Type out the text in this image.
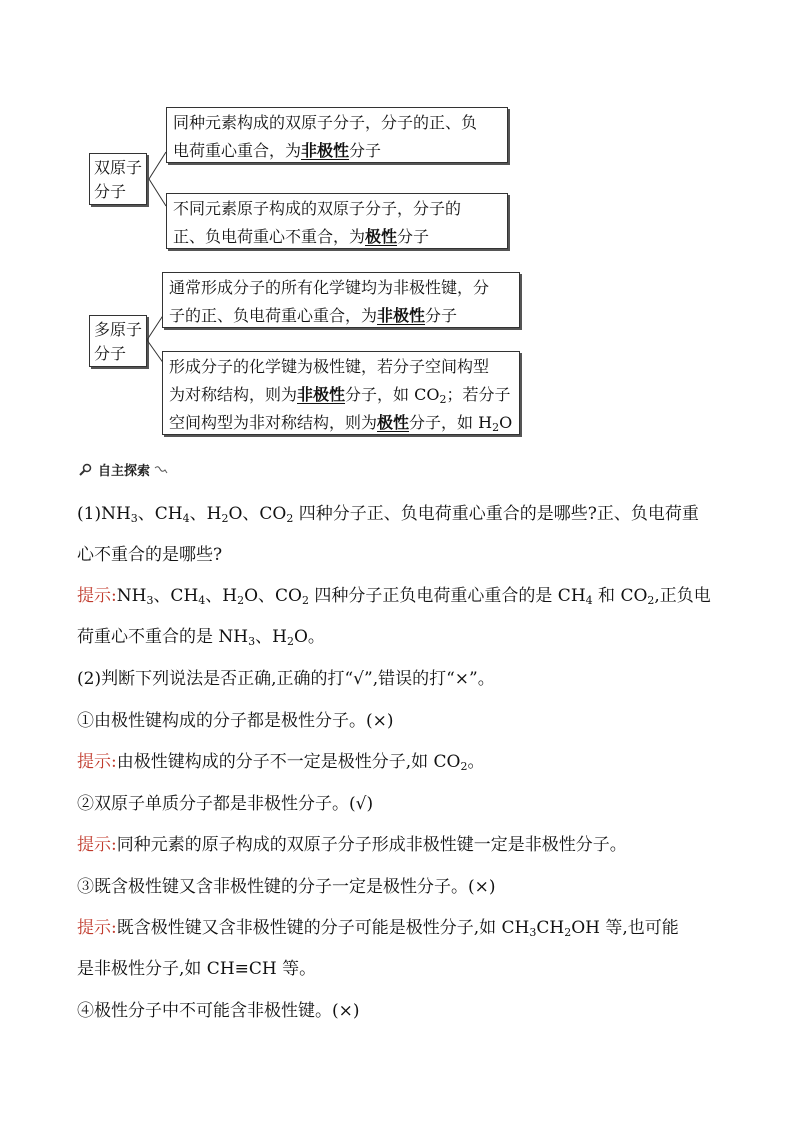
双原子
分子
同种元素构成的双原子分子，分子的正、负
电荷重心重合，为非极性分子
不同元素原子构成的双原子分子，分子的
正、负电荷重心不重合，为极性分子
多原子
分子
通常形成分子的所有化学键均为非极性键，分
子的正、负电荷重心重合，为非极性分子
形成分子的化学键为极性键，若分子空间构型
为对称结构，则为非极性分子，如 $CO_2$；若分子
空间构型为非对称结构，则为极性分子，如 $H_2O$
自主探索
$(1)NH_3$、$CH_4$、$H_2O$、$CO_2$ 四种分子正、负电荷重心重合的是哪些?正、负电荷重
心不重合的是哪些?
提示$:NH_3$、$CH_4$、$H_2O$、$CO_2$ 四种分子正负电荷重心重合的是 $CH_4$ 和 $CO_2$,正负电
荷重心不重合的是 $NH_3$、$H_2O$。
(2)判断下列说法是否正确,正确的打“√”,错误的打“×”。
①由极性键构成的分子都是极性分子。(×)
提示:由极性键构成的分子不一定是极性分子,如 $CO_2$。
②双原子单质分子都是非极性分子。(√)
提示:同种元素的原子构成的双原子分子形成非极性键一定是非极性分子。
③既含极性键又含非极性键的分子一定是极性分子。(×)
提示:既含极性键又含非极性键的分子可能是极性分子,如 $CH_3CH_2OH$ 等,也可能
是非极性分子,如 CH≡CH 等。
④极性分子中不可能含非极性键。(×)
